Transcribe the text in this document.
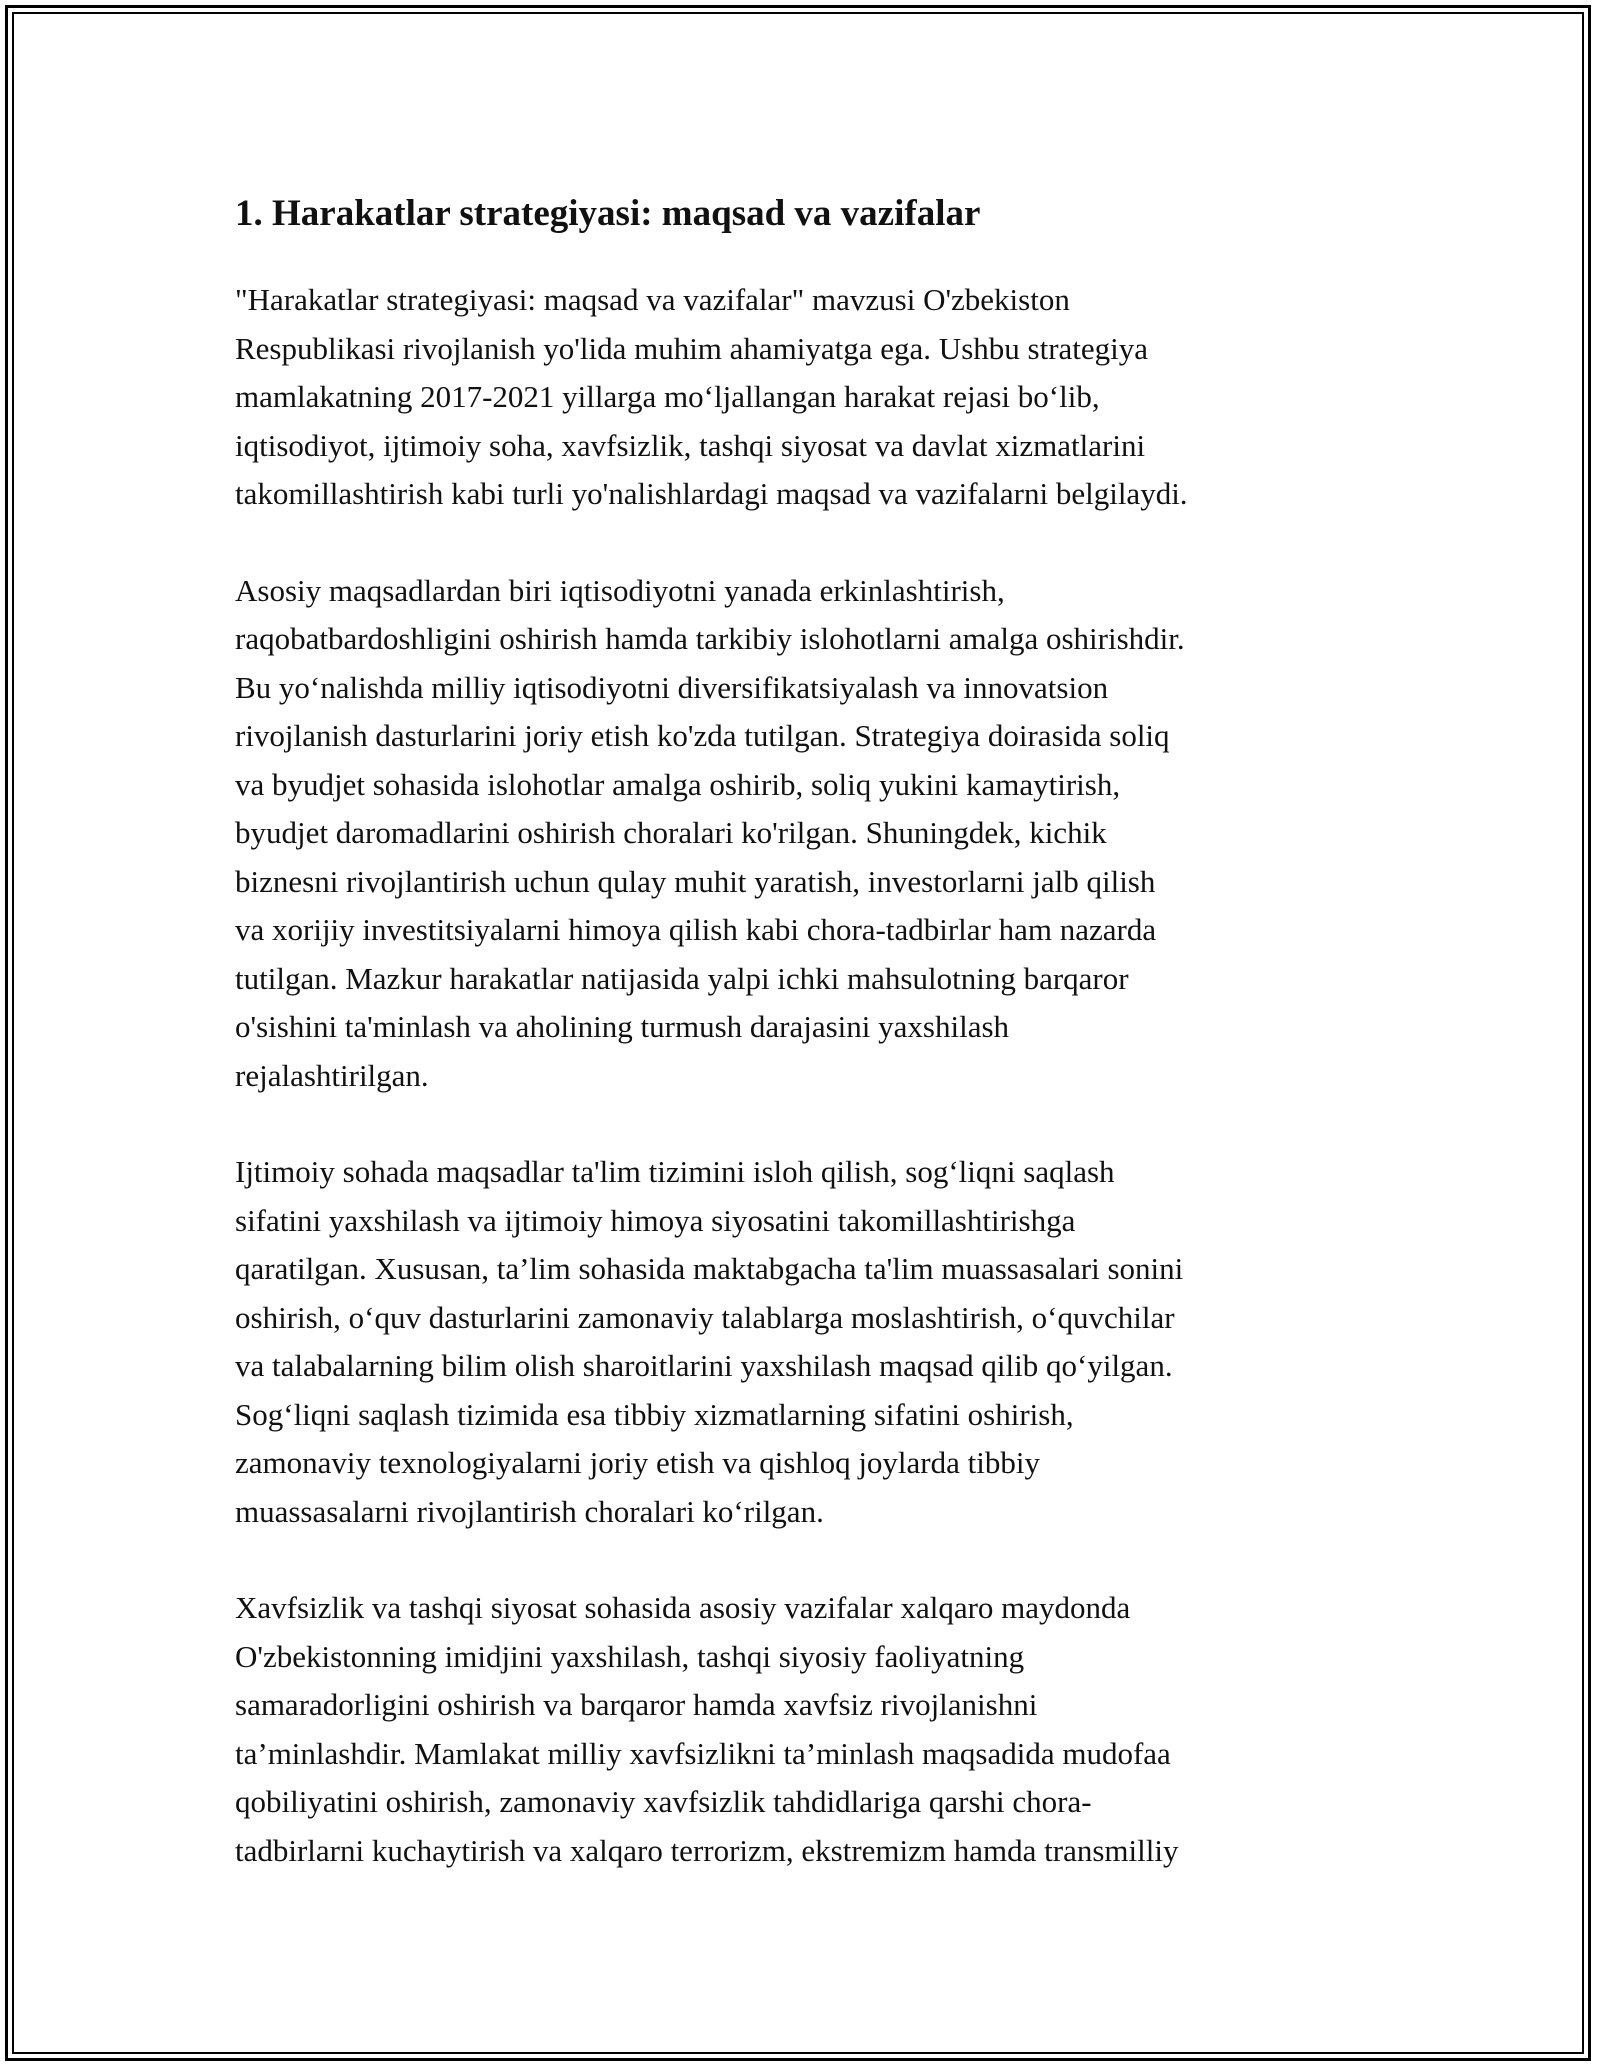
1. Harakatlar strategiyasi: maqsad va vazifalar

"Harakatlar strategiyasi: maqsad va vazifalar" mavzusi O'zbekiston
Respublikasi rivojlanish yo'lida muhim ahamiyatga ega. Ushbu strategiya
mamlakatning 2017-2021 yillarga moʻljallangan harakat rejasi boʻlib,
iqtisodiyot, ijtimoiy soha, xavfsizlik, tashqi siyosat va davlat xizmatlarini
takomillashtirish kabi turli yo'nalishlardagi maqsad va vazifalarni belgilaydi.

Asosiy maqsadlardan biri iqtisodiyotni yanada erkinlashtirish,
raqobatbardoshligini oshirish hamda tarkibiy islohotlarni amalga oshirishdir.
Bu yoʻnalishda milliy iqtisodiyotni diversifikatsiyalash va innovatsion
rivojlanish dasturlarini joriy etish ko'zda tutilgan. Strategiya doirasida soliq
va byudjet sohasida islohotlar amalga oshirib, soliq yukini kamaytirish,
byudjet daromadlarini oshirish choralari ko'rilgan. Shuningdek, kichik
biznesni rivojlantirish uchun qulay muhit yaratish, investorlarni jalb qilish
va xorijiy investitsiyalarni himoya qilish kabi chora-tadbirlar ham nazarda
tutilgan. Mazkur harakatlar natijasida yalpi ichki mahsulotning barqaror
o'sishini ta'minlash va aholining turmush darajasini yaxshilash
rejalashtirilgan.

Ijtimoiy sohada maqsadlar ta'lim tizimini isloh qilish, sogʻliqni saqlash
sifatini yaxshilash va ijtimoiy himoya siyosatini takomillashtirishga
qaratilgan. Xususan, ta’lim sohasida maktabgacha ta'lim muassasalari sonini
oshirish, oʻquv dasturlarini zamonaviy talablarga moslashtirish, oʻquvchilar
va talabalarning bilim olish sharoitlarini yaxshilash maqsad qilib qoʻyilgan.
Sogʻliqni saqlash tizimida esa tibbiy xizmatlarning sifatini oshirish,
zamonaviy texnologiyalarni joriy etish va qishloq joylarda tibbiy
muassasalarni rivojlantirish choralari koʻrilgan.

Xavfsizlik va tashqi siyosat sohasida asosiy vazifalar xalqaro maydonda
O'zbekistonning imidjini yaxshilash, tashqi siyosiy faoliyatning
samaradorligini oshirish va barqaror hamda xavfsiz rivojlanishni
ta’minlashdir. Mamlakat milliy xavfsizlikni ta’minlash maqsadida mudofaa
qobiliyatini oshirish, zamonaviy xavfsizlik tahdidlariga qarshi chora-
tadbirlarni kuchaytirish va xalqaro terrorizm, ekstremizm hamda transmilliy
